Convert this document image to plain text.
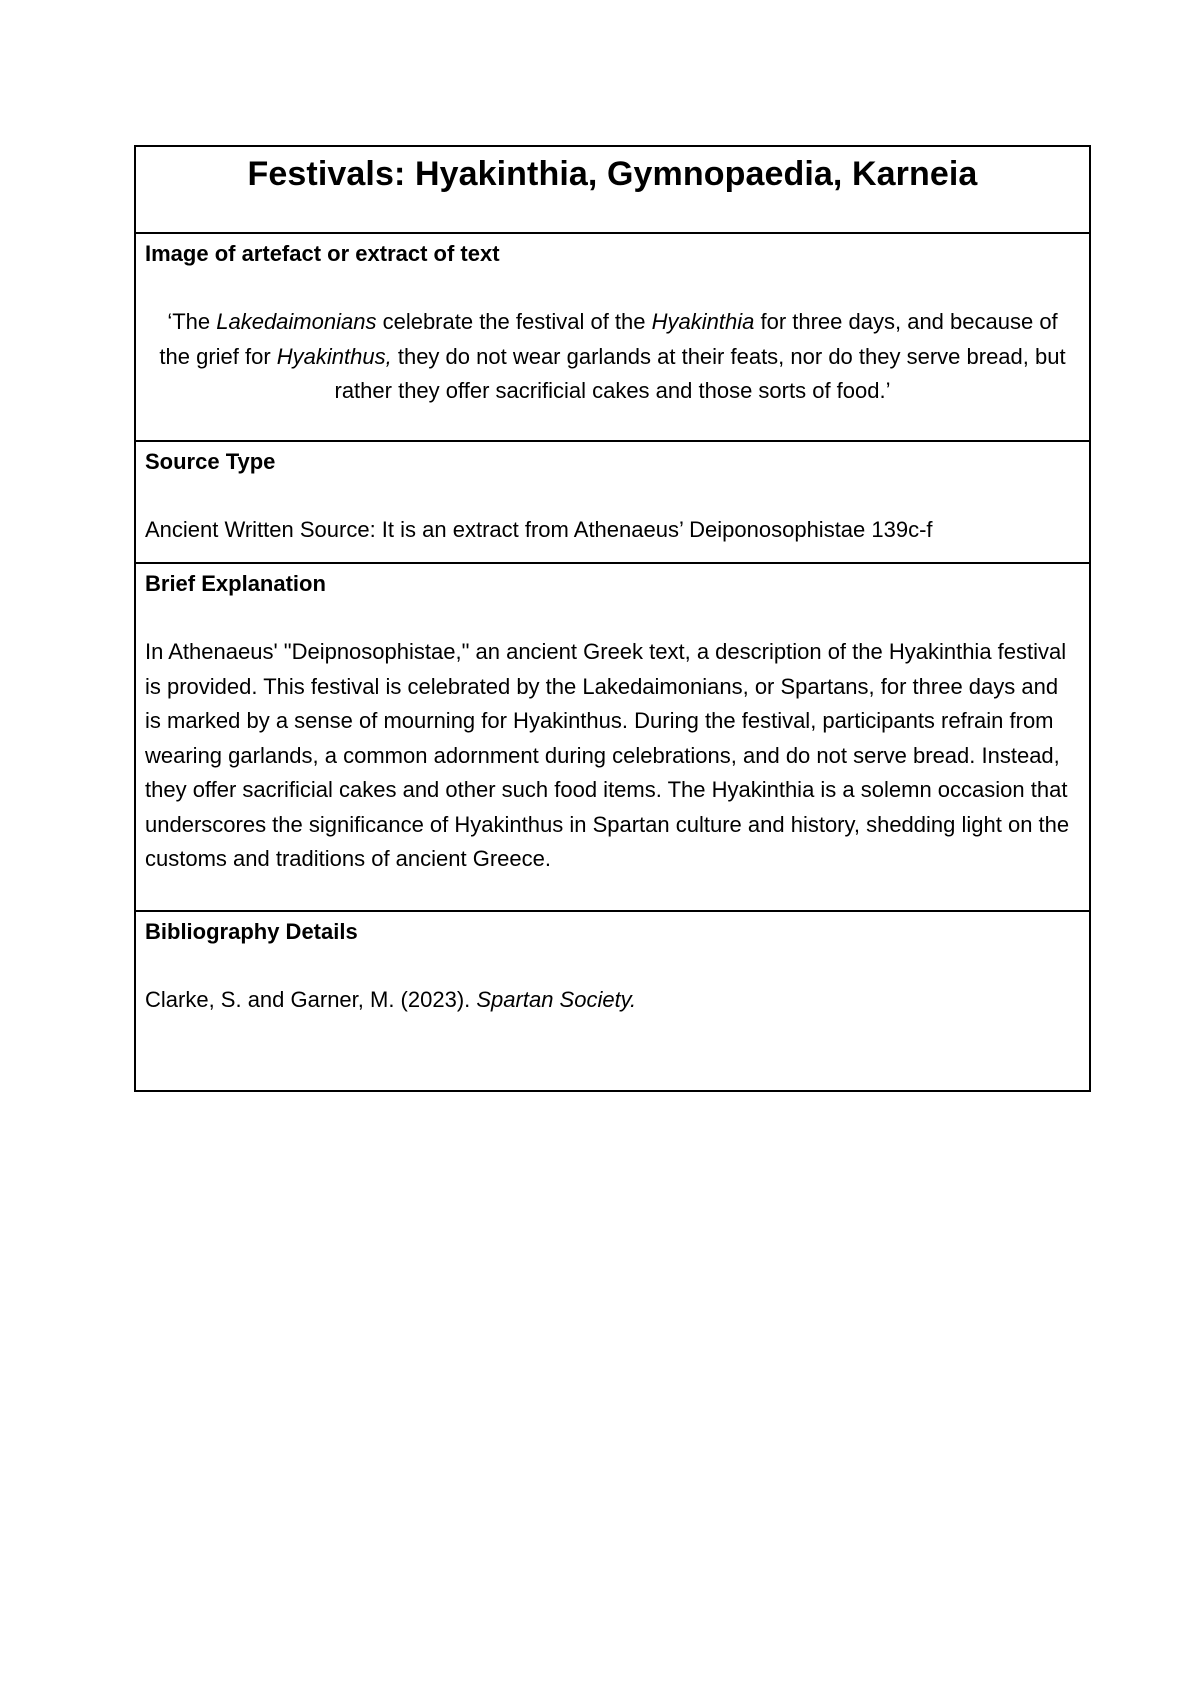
Festivals: Hyakinthia, Gymnopaedia, Karneia

Image of artefact or extract of text

‘The Lakedaimonians celebrate the festival of the Hyakinthia for three days, and because of the grief for Hyakinthus, they do not wear garlands at their feats, nor do they serve bread, but rather they offer sacrificial cakes and those sorts of food.’

Source Type

Ancient Written Source: It is an extract from Athenaeus’ Deiponosophistae 139c-f

Brief Explanation

In Athenaeus' "Deipnosophistae," an ancient Greek text, a description of the Hyakinthia festival is provided. This festival is celebrated by the Lakedaimonians, or Spartans, for three days and is marked by a sense of mourning for Hyakinthus. During the festival, participants refrain from wearing garlands, a common adornment during celebrations, and do not serve bread. Instead, they offer sacrificial cakes and other such food items. The Hyakinthia is a solemn occasion that underscores the significance of Hyakinthus in Spartan culture and history, shedding light on the customs and traditions of ancient Greece.

Bibliography Details

Clarke, S. and Garner, M. (2023). Spartan Society.
